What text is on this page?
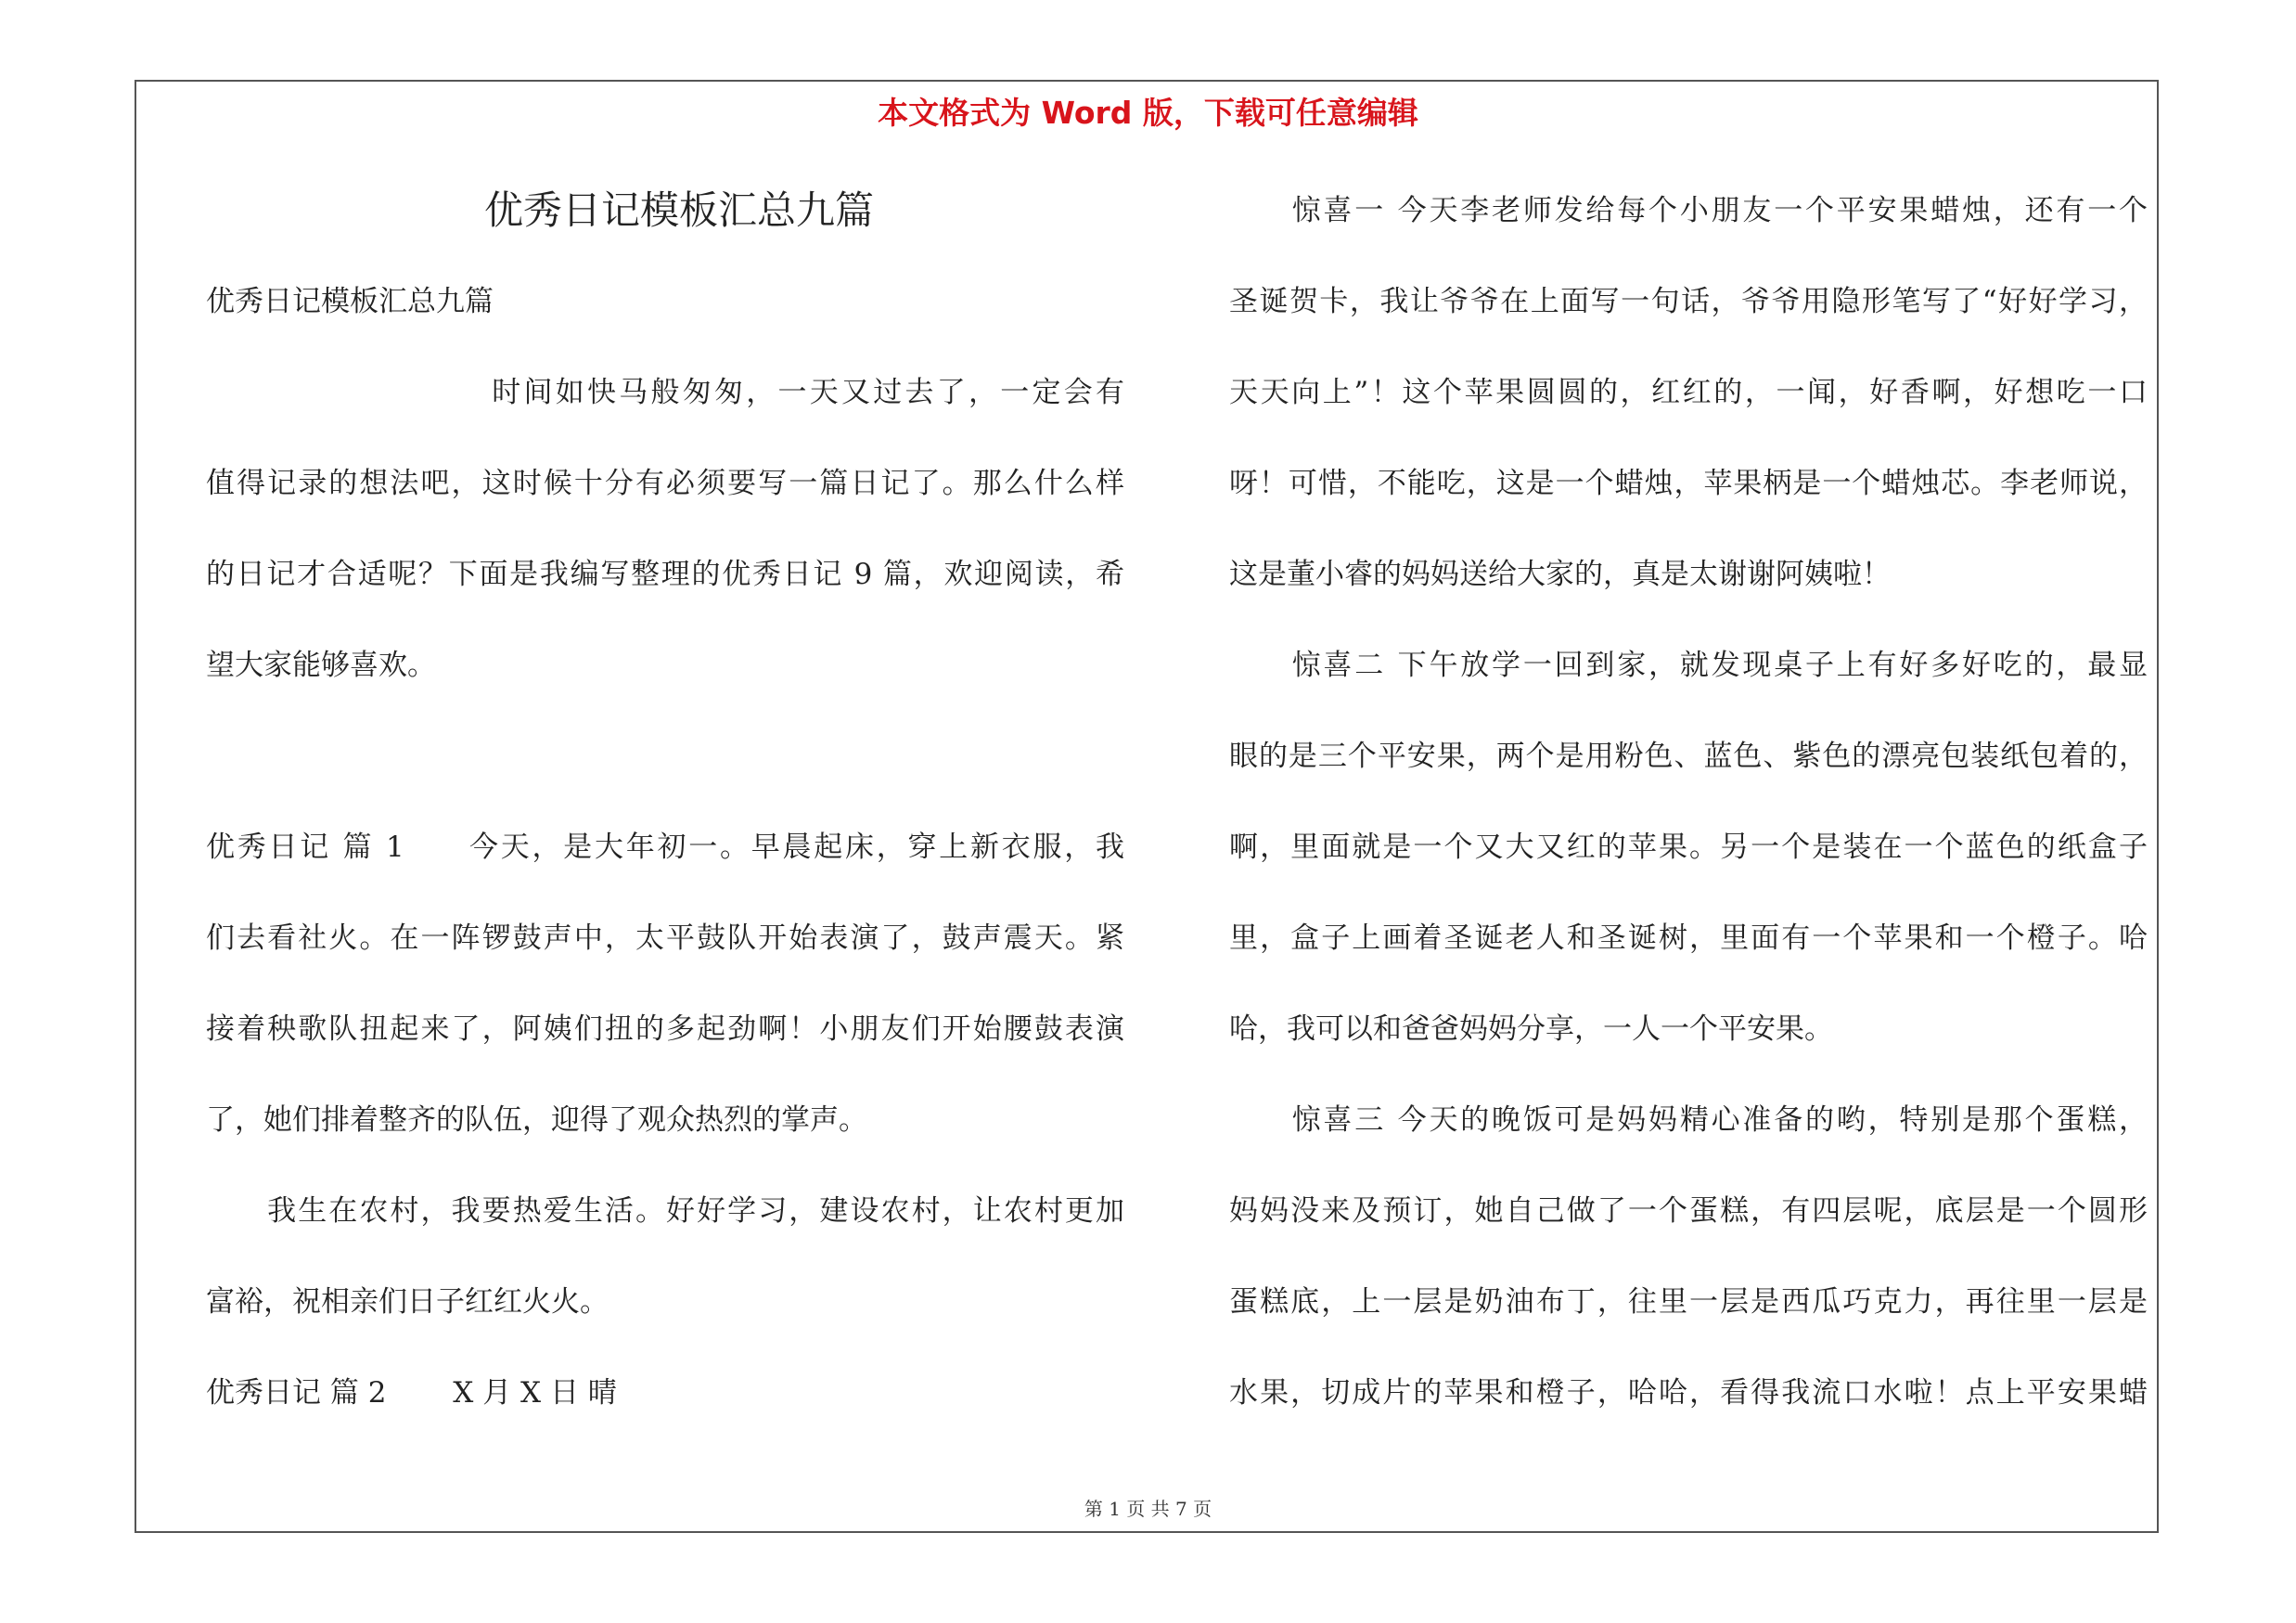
本文格式为 Word 版，下载可任意编辑
优秀日记模板汇总九篇
优秀日记模板汇总九篇
　　　　　　　　　时间如快马般匆匆，一天又过去了，一定会有
值得记录的想法吧，这时候十分有必须要写一篇日记了。那么什么样
的日记才合适呢？下面是我编写整理的优秀日记 9 篇，欢迎阅读，希
望大家能够喜欢。
优秀日记 篇 1　　今天，是大年初一。早晨起床，穿上新衣服，我
们去看社火。在一阵锣鼓声中，太平鼓队开始表演了，鼓声震天。紧
接着秧歌队扭起来了，阿姨们扭的多起劲啊！小朋友们开始腰鼓表演
了，她们排着整齐的队伍，迎得了观众热烈的掌声。
　　我生在农村，我要热爱生活。好好学习，建设农村，让农村更加
富裕，祝相亲们日子红红火火。
优秀日记 篇 2　　 X 月 X 日 晴
　　惊喜一 今天李老师发给每个小朋友一个平安果蜡烛，还有一个
圣诞贺卡，我让爷爷在上面写一句话，爷爷用隐形笔写了“好好学习，
天天向上”！这个苹果圆圆的，红红的，一闻，好香啊，好想吃一口
呀！可惜，不能吃，这是一个蜡烛，苹果柄是一个蜡烛芯。李老师说，
这是董小睿的妈妈送给大家的，真是太谢谢阿姨啦！
　　惊喜二 下午放学一回到家，就发现桌子上有好多好吃的，最显
眼的是三个平安果，两个是用粉色、蓝色、紫色的漂亮包装纸包着的，
啊，里面就是一个又大又红的苹果。另一个是装在一个蓝色的纸盒子
里，盒子上画着圣诞老人和圣诞树，里面有一个苹果和一个橙子。哈
哈，我可以和爸爸妈妈分享，一人一个平安果。
　　惊喜三 今天的晚饭可是妈妈精心准备的哟，特别是那个蛋糕，
妈妈没来及预订，她自己做了一个蛋糕，有四层呢，底层是一个圆形
蛋糕底，上一层是奶油布丁，往里一层是西瓜巧克力，再往里一层是
水果，切成片的苹果和橙子，哈哈，看得我流口水啦！点上平安果蜡
第 1 页 共 7 页
